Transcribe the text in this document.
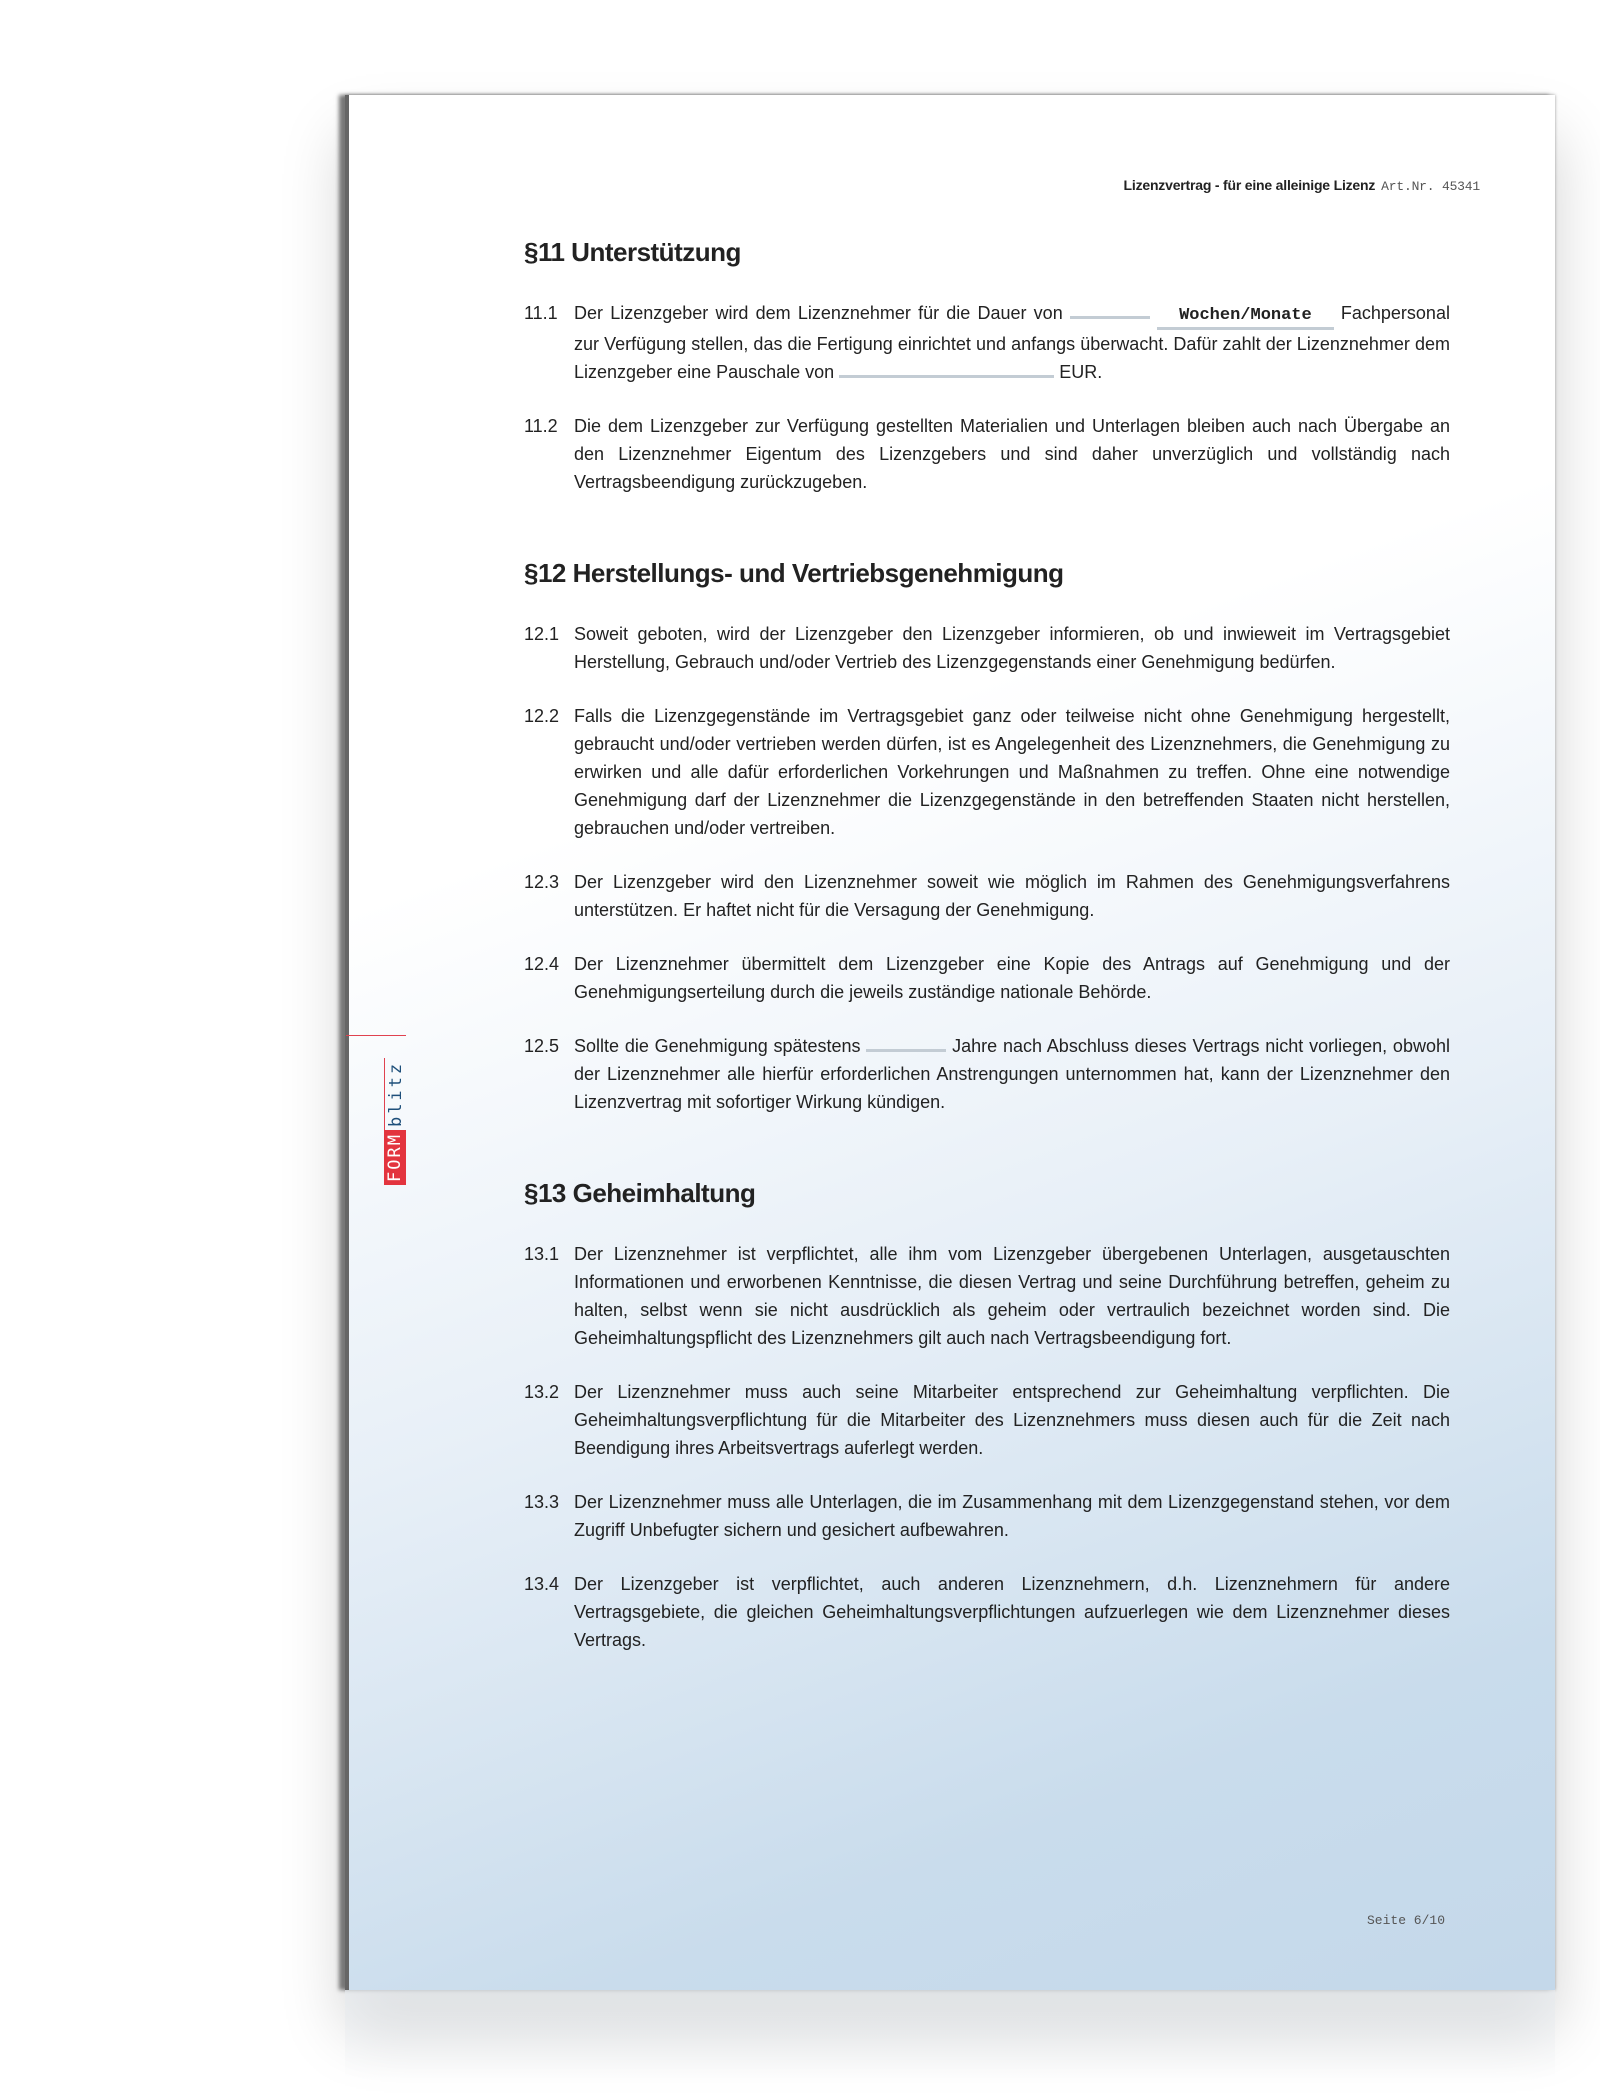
Lizenzvertrag - für eine alleinige Lizenz Art.Nr. 45341
FORM
blitz
§11 Unterstützung
11.1 Der Lizenzgeber wird dem Lizenznehmer für die Dauer von	Wochen/Monate Fachpersonal zur Verfügung stellen, das die Fertigung einrichtet und anfangs überwacht. Dafür zahlt der Lizenznehmer dem Lizenzgeber eine Pauschale von	EUR.
11.2 Die dem Lizenzgeber zur Verfügung gestellten Materialien und Unterlagen bleiben auch nach Übergabe an den Lizenznehmer Eigentum des Lizenzgebers und sind daher unverzüglich und vollständig nach Vertragsbeendigung zurückzugeben.
§12 Herstellungs- und Vertriebsgenehmigung
12.1 Soweit geboten, wird der Lizenzgeber den Lizenzgeber informieren, ob und inwieweit im Vertragsgebiet Herstellung, Gebrauch und/oder Vertrieb des Lizenzgegenstands einer Genehmigung bedürfen.
12.2 Falls die Lizenzgegenstände im Vertragsgebiet ganz oder teilweise nicht ohne Genehmigung hergestellt, gebraucht und/oder vertrieben werden dürfen, ist es Angelegenheit des Lizenznehmers, die Genehmigung zu erwirken und alle dafür erforderlichen Vorkehrungen und Maßnahmen zu treffen. Ohne eine notwendige Genehmigung darf der Lizenznehmer die Lizenzgegenstände in den betreffenden Staaten nicht herstellen, gebrauchen und/oder vertreiben.
12.3 Der Lizenzgeber wird den Lizenznehmer soweit wie möglich im Rahmen des Genehmigungsverfahrens unterstützen. Er haftet nicht für die Versagung der Genehmigung.
12.4 Der Lizenznehmer übermittelt dem Lizenzgeber eine Kopie des Antrags auf Genehmigung und der Genehmigungserteilung durch die jeweils zuständige nationale Behörde.
12.5 Sollte die Genehmigung spätestens	Jahre nach Abschluss dieses Vertrags nicht vorliegen, obwohl der Lizenznehmer alle hierfür erforderlichen Anstrengungen unternommen hat, kann der Lizenznehmer den Lizenzvertrag mit sofortiger Wirkung kündigen.
§13 Geheimhaltung
13.1 Der Lizenznehmer ist verpflichtet, alle ihm vom Lizenzgeber übergebenen Unterlagen, ausgetauschten Informationen und erworbenen Kenntnisse, die diesen Vertrag und seine Durchführung betreffen, geheim zu halten, selbst wenn sie nicht ausdrücklich als geheim oder vertraulich bezeichnet worden sind. Die Geheimhaltungspflicht des Lizenznehmers gilt auch nach Vertragsbeendigung fort.
13.2 Der Lizenznehmer muss auch seine Mitarbeiter entsprechend zur Geheimhaltung verpflichten. Die Geheimhaltungsverpflichtung für die Mitarbeiter des Lizenznehmers muss diesen auch für die Zeit nach Beendigung ihres Arbeitsvertrags auferlegt werden.
13.3 Der Lizenznehmer muss alle Unterlagen, die im Zusammenhang mit dem Lizenzgegenstand stehen, vor dem Zugriff Unbefugter sichern und gesichert aufbewahren.
13.4 Der Lizenzgeber ist verpflichtet, auch anderen Lizenznehmern, d.h. Lizenznehmern für andere Vertragsgebiete, die gleichen Geheimhaltungsverpflichtungen aufzuerlegen wie dem Lizenznehmer dieses Vertrags.
Seite 6/10
